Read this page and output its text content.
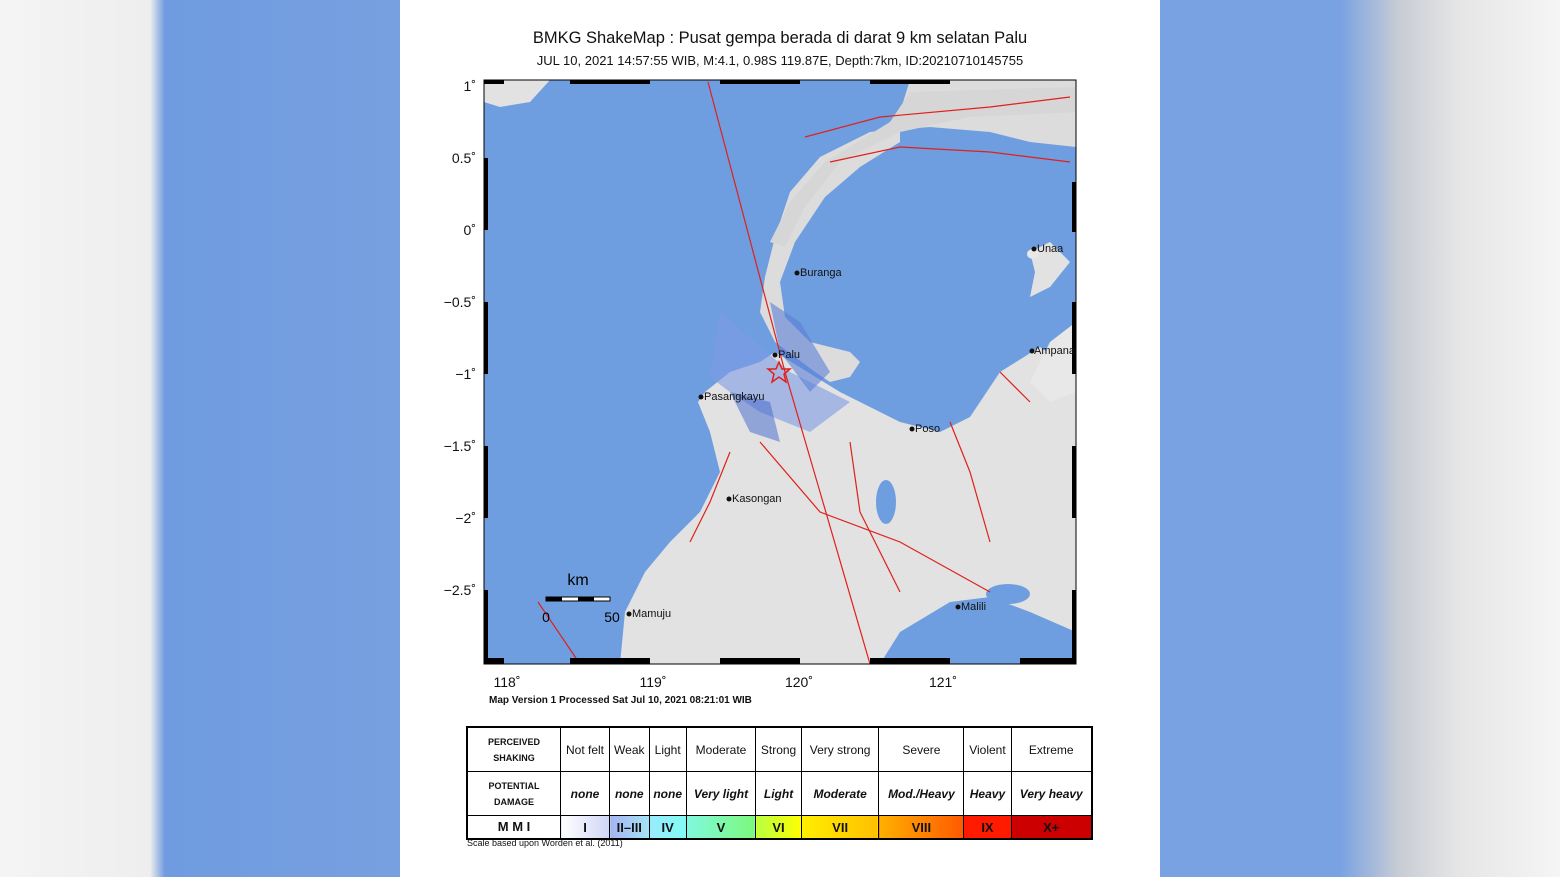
BMKG ShakeMap : Pusat gempa berada di darat 9 km selatan Palu
JUL 10, 2021 14:57:55 WIB, M:4.1, 0.98S 119.87E, Depth:7km, ID:20210710145755
1˚
0.5˚
0˚
−0.5˚
−1˚
−1.5˚
−2˚
−2.5˚
118˚	119˚	120˚	121˚
Buranga
Unaa
Ampana
Palu
Pasangkayu
Poso
Kasongan
Mamuju
Malili
km
0	50
Map Version 1 Processed Sat Jul 10, 2021 08:21:01 WIB
PERCEIVED SHAKING	Not felt	Weak	Light	Moderate	Strong	Very strong	Severe	Violent	Extreme
POTENTIAL DAMAGE	none	none	none	Very light	Light	Moderate	Mod./Heavy	Heavy	Very heavy
M M I	I	II–III	IV	V	VI	VII	VIII	IX	X+
Scale based upon Worden et al. (2011)
